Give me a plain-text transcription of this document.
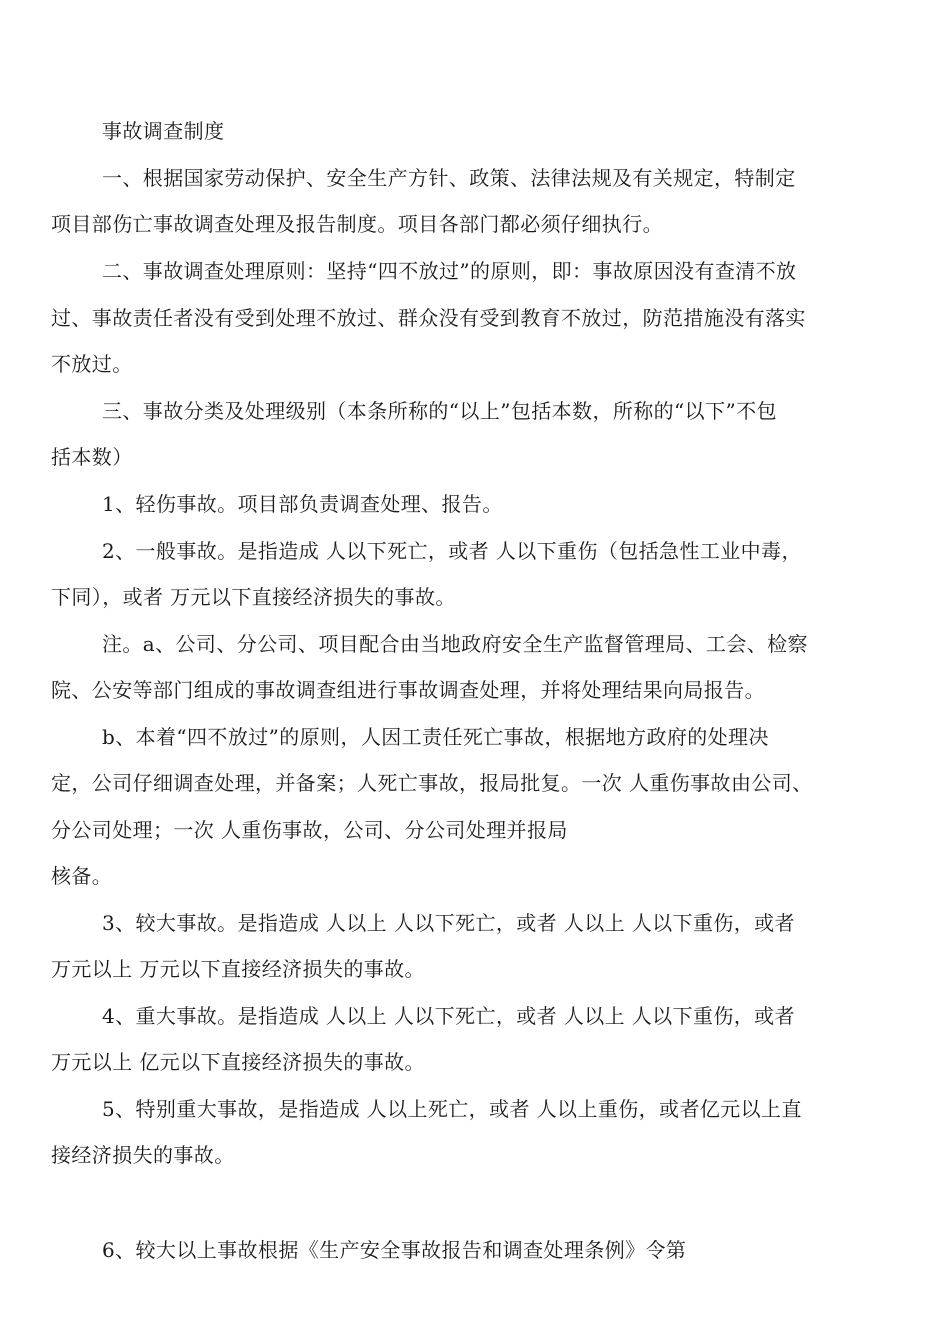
事故调查制度
一、根据国家劳动保护、安全生产方针、政策、法律法规及有关规定，特制定
项目部伤亡事故调查处理及报告制度。项目各部门都必须仔细执行。
二、事故调查处理原则：坚持“四不放过”的原则，即：事故原因没有查清不放
过、事故责任者没有受到处理不放过、群众没有受到教育不放过，防范措施没有落实
不放过。
三、事故分类及处理级别（本条所称的“以上”包括本数，所称的“以下”不包
括本数）
1、轻伤事故。项目部负责调查处理、报告。
2、一般事故。是指造成 人以下死亡，或者 人以下重伤（包括急性工业中毒，
下同），或者 万元以下直接经济损失的事故。
注。a、公司、分公司、项目配合由当地政府安全生产监督管理局、工会、检察
院、公安等部门组成的事故调查组进行事故调查处理，并将处理结果向局报告。
b、本着“四不放过”的原则，人因工责任死亡事故，根据地方政府的处理决
定，公司仔细调查处理，并备案；人死亡事故，报局批复。一次 人重伤事故由公司、
分公司处理；一次 人重伤事故，公司、分公司处理并报局
核备。
3、较大事故。是指造成 人以上 人以下死亡，或者 人以上 人以下重伤，或者
万元以上 万元以下直接经济损失的事故。
4、重大事故。是指造成 人以上 人以下死亡，或者 人以上 人以下重伤，或者
万元以上 亿元以下直接经济损失的事故。
5、特别重大事故，是指造成 人以上死亡，或者 人以上重伤，或者亿元以上直
接经济损失的事故。
6、较大以上事故根据《生产安全事故报告和调查处理条例》令第
